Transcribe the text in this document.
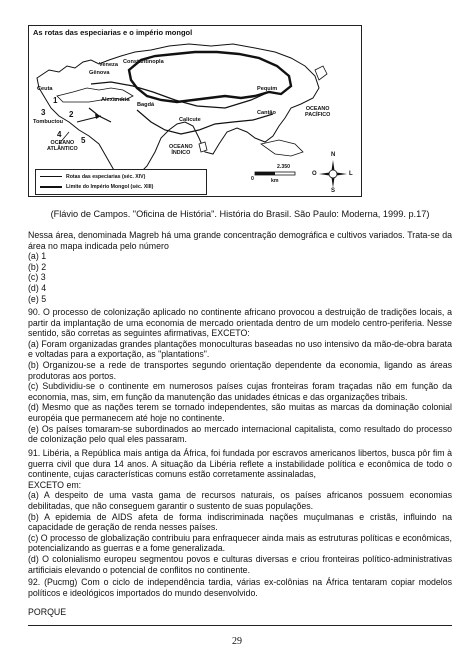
As rotas das especiarias e o império mongol
Gênova
Veneza Constantinopla
Ceuta
Alexandria
Bagdá
Pequim
Tombuctou
Cantão
Calicute
OCEANO
ATLÂNTICO	OCEANO
ÍNDICO
OCEANO
PACÍFICO
1
2
3
4
5
Rotas das especiarias (séc. XIV)
Limite do Império Mongol (séc. XIII)
0
2.350
km
N
S
L
O
(Flávio de Campos. "Oficina de História". História do Brasil. São Paulo: Moderna, 1999. p.17)

Nessa área, denominada Magreb há uma grande concentração demográfica e cultivos variados. Trata-se da área no mapa indicada pelo número

(a) 1

(b) 2

(c) 3

(d) 4

(e) 5

90. O processo de colonização aplicado no continente africano provocou a destruição de tradições locais, a partir da implantação de uma economia de mercado orientada dentro de um modelo centro-periferia. Nesse sentido, são corretas as seguintes afirmativas, EXCETO:

(a) Foram organizadas grandes plantações monoculturas baseadas no uso intensivo da mão-de-obra barata e voltadas para a exportação, as "plantations".

(b) Organizou-se a rede de transportes segundo orientação dependente da economia, ligando as áreas produtoras aos portos.

(c) Subdividiu-se o continente em numerosos países cujas fronteiras foram traçadas não em função da economia, mas, sim, em função da manutenção das unidades étnicas e das organizações tribais.

(d) Mesmo que as nações terem se tornado independentes, são muitas as marcas da dominação colonial européia que permanecem até hoje no continente.

(e) Os países tomaram-se subordinados ao mercado internacional capitalista, como resultado do processo de colonização pelo qual eles passaram.

91. Libéria, a República mais antiga da África, foi fundada por escravos americanos libertos, busca pôr fim à guerra civil que dura 14 anos. A situação da Libéria reflete a instabilidade política e econômica de todo o continente, cujas características comuns estão corretamente assinaladas,

EXCETO em:

(a) A despeito de uma vasta gama de recursos naturais, os países africanos possuem economias debilitadas, que não conseguem garantir o sustento de suas populações.

(b) A epidemia de AIDS afeta de forma indiscriminada nações muçulmanas e cristãs, influindo na capacidade de geração de renda nesses países.

(c) O processo de globalização contribuiu para enfraquecer ainda mais as estruturas políticas e econômicas, potencializando as guerras e a fome generalizada.

(d) O colonialismo europeu segmentou povos e culturas diversas e criou fronteiras político-administrativas artificiais elevando o potencial de conflitos no continente.

92. (Pucmg) Com o ciclo de independência tardia, várias ex-colônias na África tentaram copiar modelos políticos e ideológicos importados do mundo desenvolvido.

PORQUE

29
